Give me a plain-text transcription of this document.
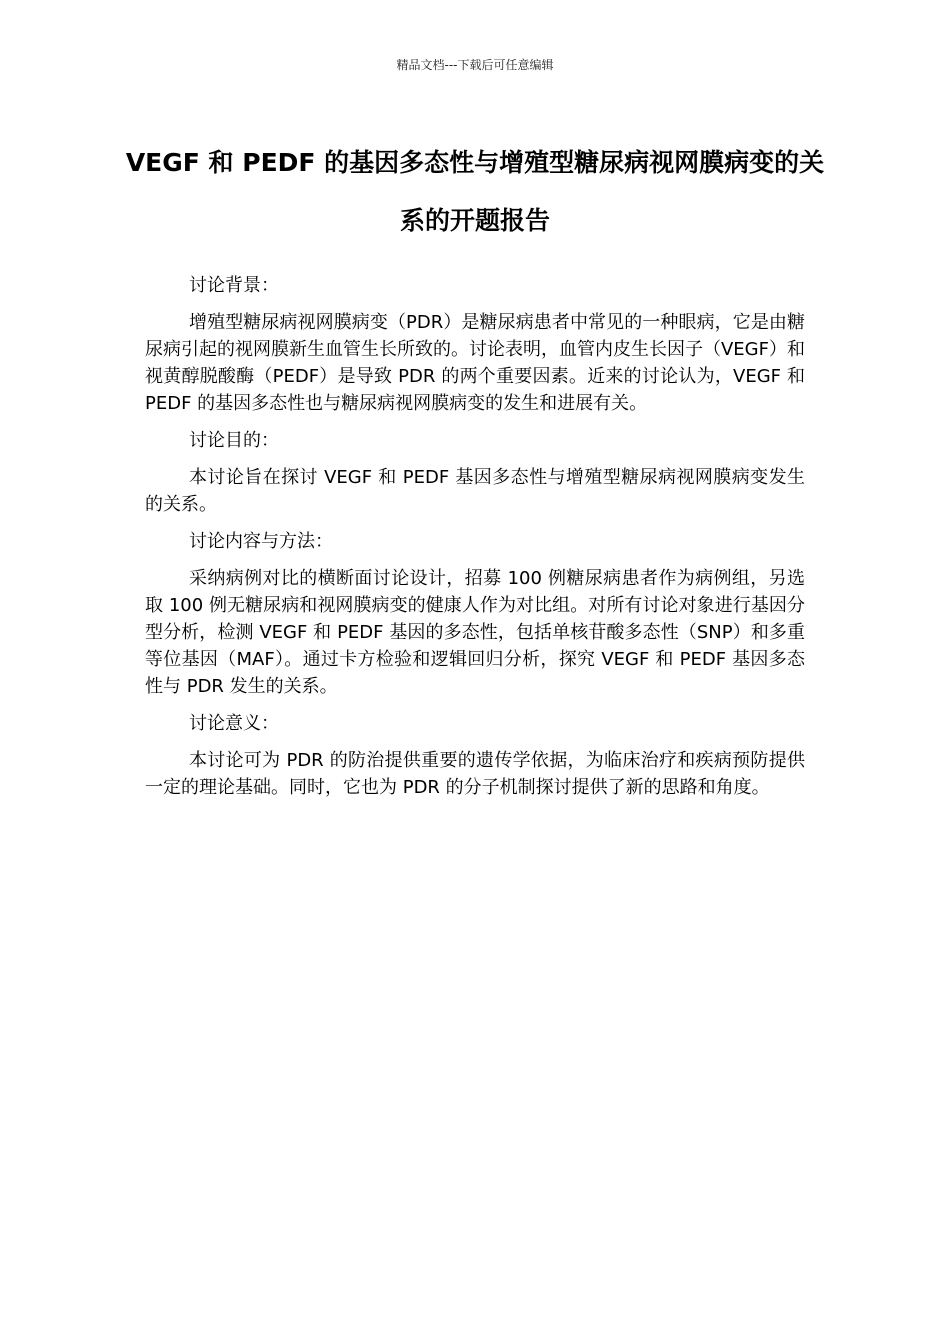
精品文档---下载后可任意编辑
VEGF 和 PEDF 的基因多态性与增殖型糖尿病视网膜病变的关系的开题报告

讨论背景：

增殖型糖尿病视网膜病变（PDR）是糖尿病患者中常见的一种眼病，它是由糖尿病引起的视网膜新生血管生长所致的。讨论表明，血管内皮生长因子（VEGF）和视黄醇脱酸酶（PEDF）是导致 PDR 的两个重要因素。近来的讨论认为，VEGF 和 PEDF 的基因多态性也与糖尿病视网膜病变的发生和进展有关。

讨论目的：

本讨论旨在探讨 VEGF 和 PEDF 基因多态性与增殖型糖尿病视网膜病变发生的关系。

讨论内容与方法：

采纳病例对比的横断面讨论设计，招募 100 例糖尿病患者作为病例组，另选取 100 例无糖尿病和视网膜病变的健康人作为对比组。对所有讨论对象进行基因分型分析，检测 VEGF 和 PEDF 基因的多态性，包括单核苷酸多态性（SNP）和多重等位基因（MAF）。通过卡方检验和逻辑回归分析，探究 VEGF 和 PEDF 基因多态性与 PDR 发生的关系。

讨论意义：

本讨论可为 PDR 的防治提供重要的遗传学依据，为临床治疗和疾病预防提供一定的理论基础。同时，它也为 PDR 的分子机制探讨提供了新的思路和角度。
